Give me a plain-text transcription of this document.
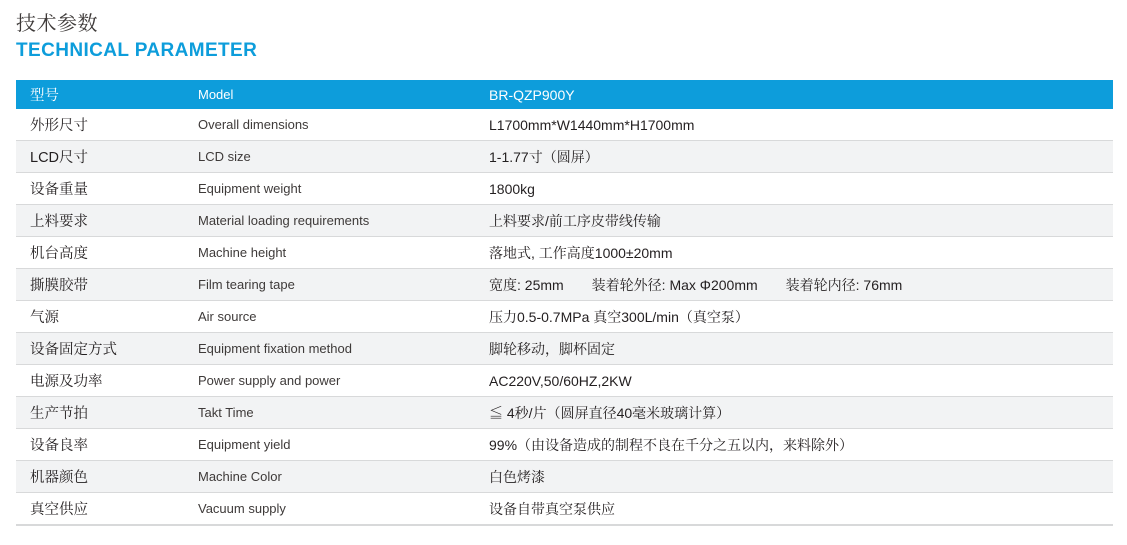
技术参数
TECHNICAL PARAMETER
型号	Model	BR-QZP900Y
外形尺寸	Overall dimensions	L1700mm*W1440mm*H1700mm
LCD尺寸	LCD size	1-1.77寸（圆屏）
设备重量	Equipment weight	1800kg
上料要求	Material loading requirements	上料要求/前工序皮带线传输
机台高度	Machine height	落地式, 工作高度1000±20mm
撕膜胶带	Film tearing tape	宽度: 25mm　　装着轮外径: Max Φ200mm　　装着轮内径: 76mm
气源	Air source	压力0.5-0.7MPa 真空300L/min（真空泵）
设备固定方式	Equipment fixation method	脚轮移动，脚杯固定
电源及功率	Power supply and power	AC220V,50/60HZ,2KW
生产节拍	Takt Time	≦ 4秒/片（圆屏直径40毫米玻璃计算）
设备良率	Equipment yield	99%（由设备造成的制程不良在千分之五以内，来料除外）
机器颜色	Machine Color	白色烤漆
真空供应	Vacuum supply	设备自带真空泵供应
